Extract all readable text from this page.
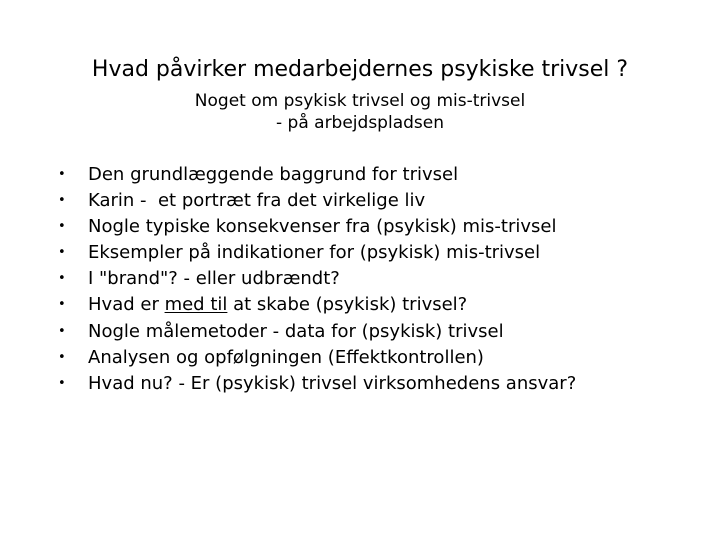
Hvad påvirker medarbejdernes psykiske trivsel ?
Noget om psykisk trivsel og mis-trivsel
- på arbejdspladsen
• Den grundlæggende baggrund for trivsel
• Karin -  et portræt fra det virkelige liv
• Nogle typiske konsekvenser fra (psykisk) mis-trivsel
• Eksempler på indikationer for (psykisk) mis-trivsel
• I "brand"? - eller udbrændt?
• Hvad er med til at skabe (psykisk) trivsel?
• Nogle målemetoder - data for (psykisk) trivsel
• Analysen og opfølgningen (Effektkontrollen)
• Hvad nu? - Er (psykisk) trivsel virksomhedens ansvar?
